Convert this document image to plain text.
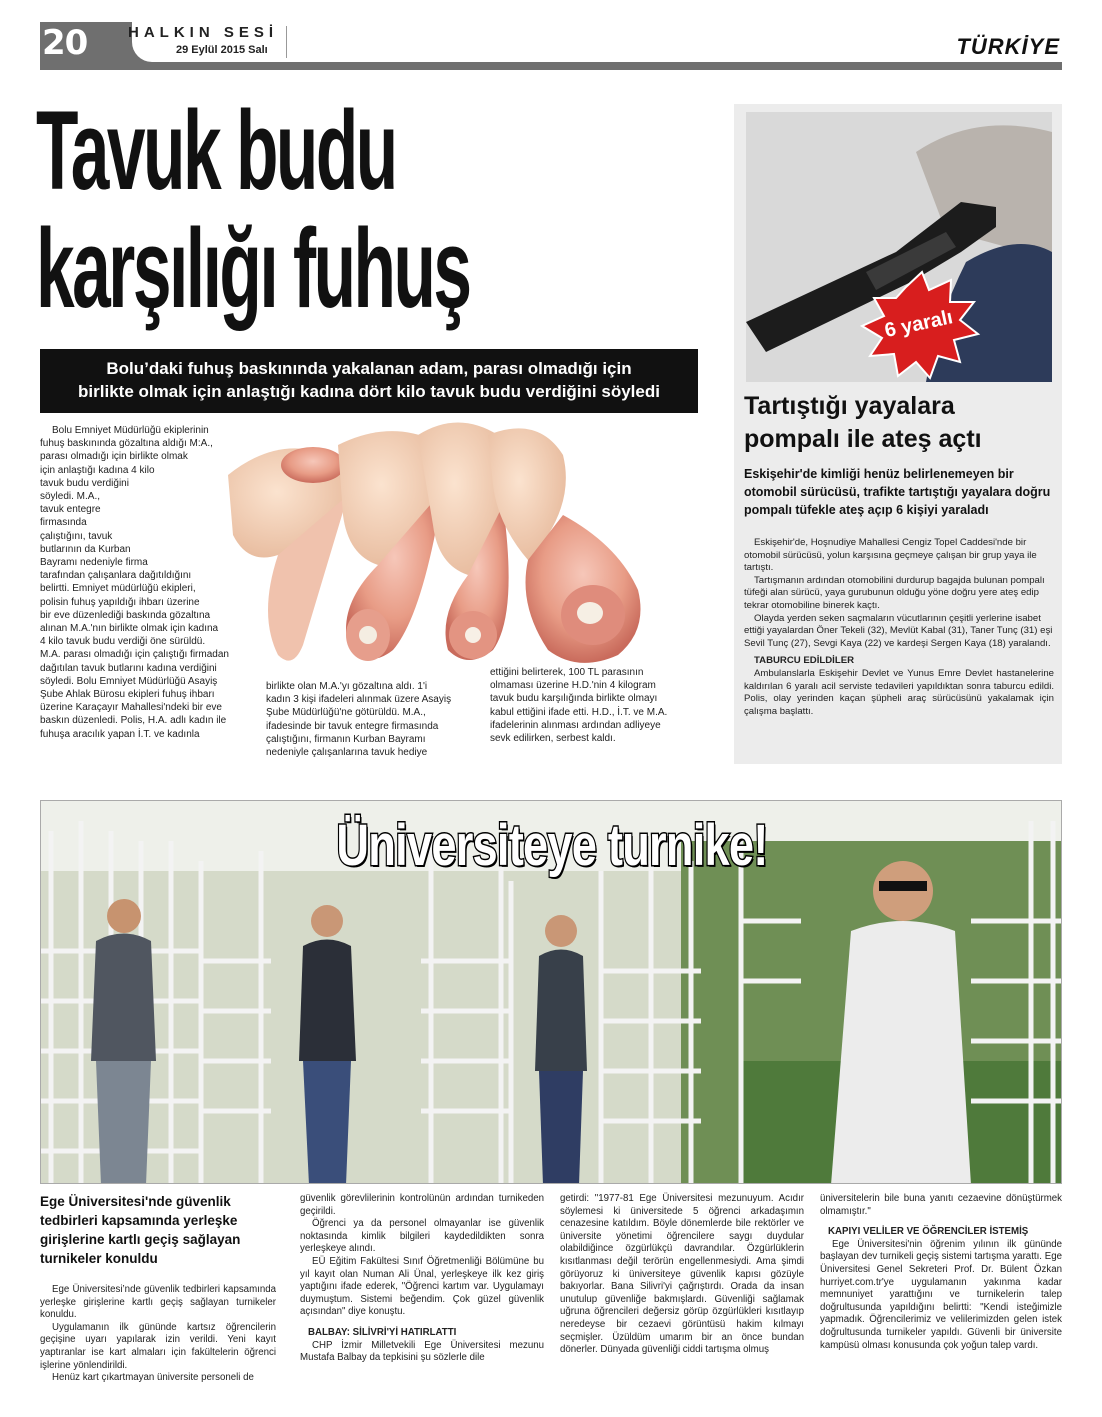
20	HALKIN SESİ
29 Eylül 2015 Salı	TÜRKİYE
Tavuk budu
karşılığı fuhuş
Bolu’daki fuhuş baskınında yakalanan adam, parası olmadığı için
birlikte olmak için anlaştığı kadına dört kilo tavuk budu verdiğini söyledi

Bolu Emniyet Müdürlüğü ekiplerinin

fuhuş baskınında gözaltına aldığı M:A.,
parası olmadığı için birlikte olmak
için anlaştığı kadına 4 kilo
tavuk budu verdiğini
söyledi. M.A.,
tavuk entegre
firmasında
çalıştığını, tavuk
butlarının da Kurban
Bayramı nedeniyle firma
tarafından çalışanlara dağıtıldığını
belirtti. Emniyet müdürlüğü ekipleri,
polisin fuhuş yapıldığı ihbarı üzerine
bir eve düzenlediği baskında gözaltına
alınan M.A.'nın birlikte olmak için kadına
4 kilo tavuk budu verdiği öne sürüldü.
M.A. parası olmadığı için çalıştığı firmadan
dağıtılan tavuk butlarını kadına verdiğini
söyledi. Bolu Emniyet Müdürlüğü Asayiş
Şube Ahlak Bürosu ekipleri fuhuş ihbarı
üzerine Karaçayır Mahallesi'ndeki bir eve
baskın düzenledi. Polis, H.A. adlı kadın ile
fuhuşa aracılık yapan İ.T. ve kadınla
birlikte olan M.A.'yı gözaltına aldı. 1'i
kadın 3 kişi ifadeleri alınmak üzere Asayiş
Şube Müdürlüğü'ne götürüldü. M.A.,
ifadesinde bir tavuk entegre firmasında
çalıştığını, firmanın Kurban Bayramı
nedeniyle çalışanlarına tavuk hediye
ettiğini belirterek, 100 TL parasının
olmaması üzerine H.D.'nin 4 kilogram
tavuk budu karşılığında birlikte olmayı
kabul ettiğini ifade etti. H.D., İ.T. ve M.A.
ifadelerinin alınması ardından adliyeye
sevk edilirken, serbest kaldı.
6 yaralı
Tartıştığı yayalara
pompalı ile ateş açtı
Eskişehir'de kimliği henüz belirlenemeyen bir otomobil sürücüsü, trafikte tartıştığı yayalara doğru pompalı tüfekle ateş açıp 6 kişiyi yaraladı

Eskişehir'de, Hoşnudiye Mahallesi Cengiz Topel Caddesi'nde bir otomobil sürücüsü, yolun karşısına geçmeye çalışan bir grup yaya ile tartıştı.

Tartışmanın ardından otomobilini durdurup bagajda bulunan pompalı tüfeği alan sürücü, yaya gurubunun olduğu yöne doğru yere ateş edip tekrar otomobiline binerek kaçtı.

Olayda yerden seken saçmaların vücutlarının çeşitli yerlerine isabet ettiği yayalardan Öner Tekeli (32), Mevlüt Kabal (31), Taner Tunç (31) eşi Sevil Tunç (27), Sevgi Kaya (22) ve kardeşi Sergen Kaya (18) yaralandı.

TABURCU EDİLDİLER

Ambulanslarla Eskişehir Devlet ve Yunus Emre Devlet hastanelerine kaldırılan 6 yaralı acil serviste tedavileri yapıldıktan sonra taburcu edildi. Polis, olay yerinden kaçan şüpheli araç sürücüsünü yakalamak için çalışma başlattı.

Üniversiteye turnike!
Ege Üniversitesi'nde güvenlik tedbirleri kapsamında yerleşke girişlerine kartlı geçiş sağlayan turnikeler konuldu

Ege Üniversitesi’nde güvenlik tedbirleri kapsamında yerleşke girişlerine kartlı geçiş sağlayan turnikeler konuldu.

Uygulamanın ilk gününde kartsız öğrencilerin geçişine uyarı yapılarak izin verildi. Yeni kayıt yaptıranlar ise kart almaları için fakültelerin öğrenci işlerine yönlendirildi.

Henüz kart çıkartmayan üniversite personeli de

güvenlik görevlilerinin kontrolünün ardından turnikeden geçirildi.

Öğrenci ya da personel olmayanlar ise güvenlik noktasında kimlik bilgileri kaydedildikten sonra yerleşkeye alındı.

EÜ Eğitim Fakültesi Sınıf Öğretmenliği Bölümüne bu yıl kayıt olan Numan Ali Ünal, yerleşkeye ilk kez giriş yaptığını ifade ederek, "Öğrenci kartım var. Uygulamayı duymuştum. Sistemi beğendim. Çok güzel güvenlik açısından" diye konuştu.

BALBAY: SİLİVRİ'Yİ HATIRLATTI

CHP İzmir Milletvekili Ege Üniversitesi mezunu Mustafa Balbay da tepkisini şu sözlerle dile

getirdi: "1977-81 Ege Üniversitesi mezunuyum. Acıdır söylemesi ki üniversitede 5 öğrenci arkadaşımın cenazesine katıldım. Böyle dönemlerde bile rektörler ve üniversite yönetimi öğrencilere saygı duydular olabildiğince özgürlükçü davrandılar. Özgürlüklerin kısıtlanması değil terörün engellenmesiydi. Ama şimdi görüyoruz ki üniversiteye güvenlik kapısı gözüyle bakıyorlar. Bana Silivri'yi çağrıştırdı. Orada da insan unutulup güvenliğe bakmışlardı. Güvenliği sağlamak uğruna öğrencileri değersiz görüp özgürlükleri kısıtlayıp neredeyse bir cezaevi görüntüsü hakim kılmayı seçmişler. Üzüldüm umarım bir an önce bundan dönerler. Dünyada güvenliği ciddi tartışma olmuş

üniversitelerin bile buna yanıtı cezaevine dönüştürmek olmamıştır."

KAPIYI VELİLER VE ÖĞRENCİLER İSTEMİŞ

Ege Üniversitesi'nin öğrenim yılının ilk gününde başlayan dev turnikeli geçiş sistemi tartışma yarattı. Ege Üniversitesi Genel Sekreteri Prof. Dr. Bülent Özkan hurriyet.com.tr'ye uygulamanın yakınma kadar memnuniyet yarattığını ve turnikelerin talep doğrultusunda yapıldığını belirtti: "Kendi isteğimizle yapmadık. Öğrencilerimiz ve velilerimizden gelen istek doğrultusunda turnikeler yapıldı. Güvenli bir üniversite kampüsü olması konusunda çok yoğun talep vardı.
